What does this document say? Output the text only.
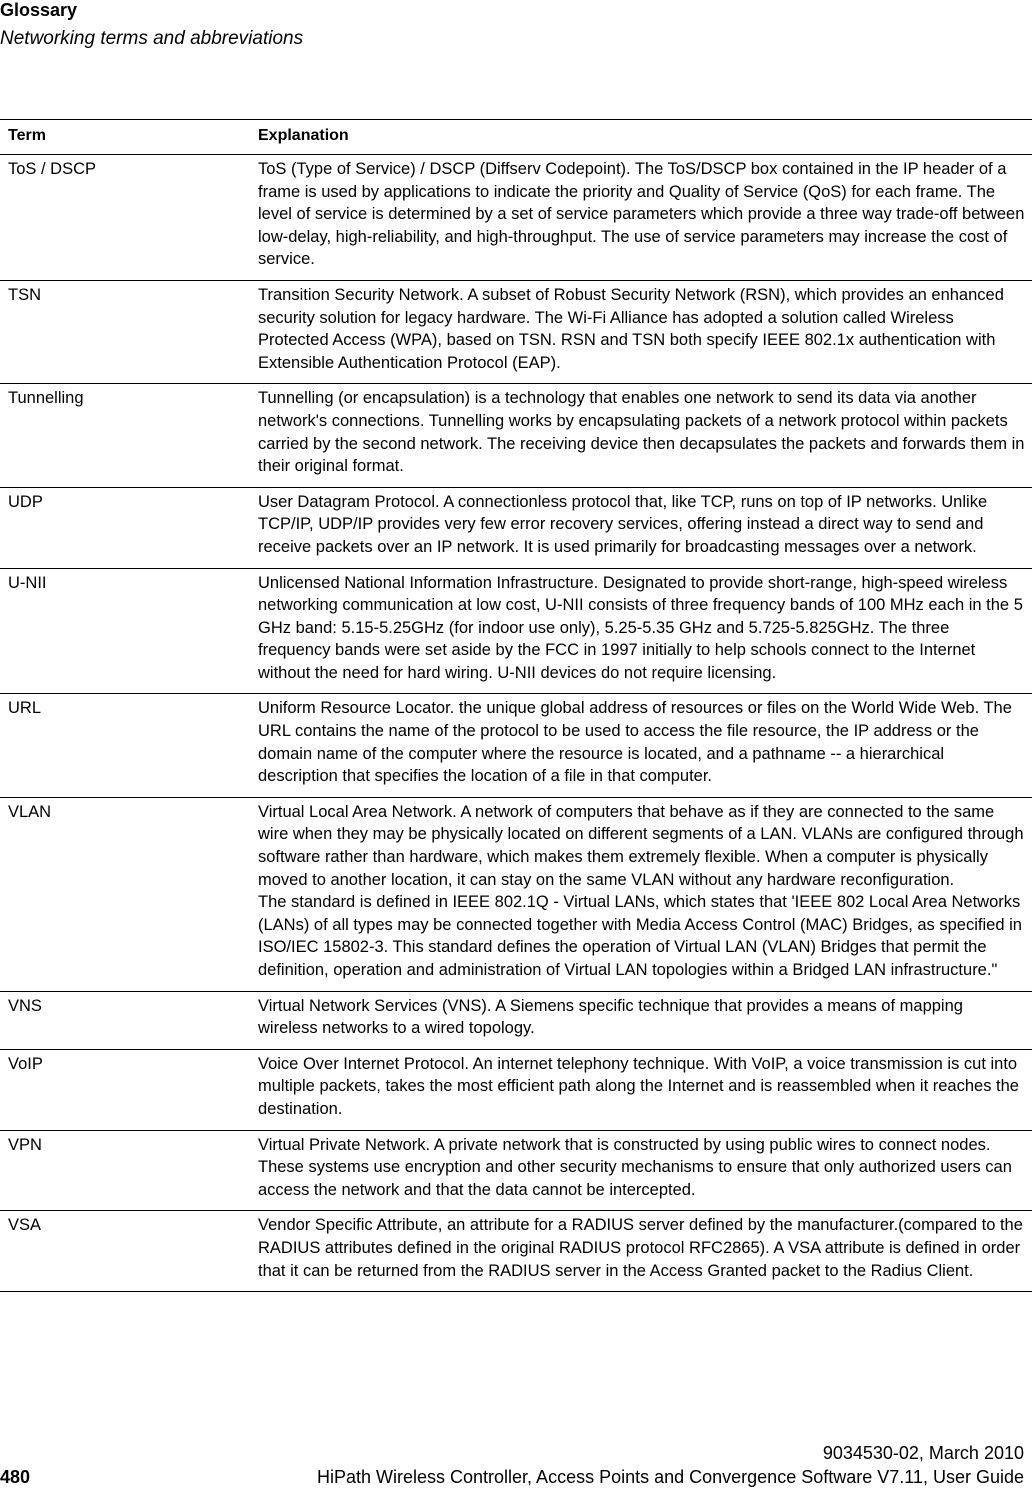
Glossary
Networking terms and abbreviations
Term	Explanation
ToS / DSCP	ToS (Type of Service) / DSCP (Diffserv Codepoint). The ToS/DSCP box contained in the IP header of a frame is used by applications to indicate the priority and Quality of Service (QoS) for each frame. The level of service is determined by a set of service parameters which provide a three way trade-off between low-delay, high-reliability, and high-throughput. The use of service parameters may increase the cost of service.
TSN	Transition Security Network. A subset of Robust Security Network (RSN), which provides an enhanced security solution for legacy hardware. The Wi-Fi Alliance has adopted a solution called Wireless Protected Access (WPA), based on TSN. RSN and TSN both specify IEEE 802.1x authentication with Extensible Authentication Protocol (EAP).
Tunnelling	Tunnelling (or encapsulation) is a technology that enables one network to send its data via another network's connections. Tunnelling works by encapsulating packets of a network protocol within packets carried by the second network. The receiving device then decapsulates the packets and forwards them in their original format.
UDP	User Datagram Protocol. A connectionless protocol that, like TCP, runs on top of IP networks. Unlike TCP/IP, UDP/IP provides very few error recovery services, offering instead a direct way to send and receive packets over an IP network. It is used primarily for broadcasting messages over a network.
U-NII	Unlicensed National Information Infrastructure. Designated to provide short-range, high-speed wireless networking communication at low cost, U-NII consists of three frequency bands of 100 MHz each in the 5 GHz band: 5.15-5.25GHz (for indoor use only), 5.25-5.35 GHz and 5.725-5.825GHz. The three frequency bands were set aside by the FCC in 1997 initially to help schools connect to the Internet without the need for hard wiring. U-NII devices do not require licensing.
URL	Uniform Resource Locator. the unique global address of resources or files on the World Wide Web. The URL contains the name of the protocol to be used to access the file resource, the IP address or the domain name of the computer where the resource is located, and a pathname -- a hierarchical description that specifies the location of a file in that computer.
VLAN	Virtual Local Area Network. A network of computers that behave as if they are connected to the same wire when they may be physically located on different segments of a LAN. VLANs are configured through software rather than hardware, which makes them extremely flexible. When a computer is physically moved to another location, it can stay on the same VLAN without any hardware reconfiguration.
The standard is defined in IEEE 802.1Q - Virtual LANs, which states that 'IEEE 802 Local Area Networks (LANs) of all types may be connected together with Media Access Control (MAC) Bridges, as specified in ISO/IEC 15802-3. This standard defines the operation of Virtual LAN (VLAN) Bridges that permit the definition, operation and administration of Virtual LAN topologies within a Bridged LAN infrastructure."

VNS	Virtual Network Services (VNS). A Siemens specific technique that provides a means of mapping wireless networks to a wired topology.
VoIP	Voice Over Internet Protocol. An internet telephony technique. With VoIP, a voice transmission is cut into multiple packets, takes the most efficient path along the Internet and is reassembled when it reaches the destination.
VPN	Virtual Private Network. A private network that is constructed by using public wires to connect nodes. These systems use encryption and other security mechanisms to ensure that only authorized users can access the network and that the data cannot be intercepted.
VSA	Vendor Specific Attribute, an attribute for a RADIUS server defined by the manufacturer.(compared to the RADIUS attributes defined in the original RADIUS protocol RFC2865). A VSA attribute is defined in order that it can be returned from the RADIUS server in the Access Granted packet to the Radius Client.
9034530-02, March 2010
480	HiPath Wireless Controller, Access Points and Convergence Software V7.11, User Guide
